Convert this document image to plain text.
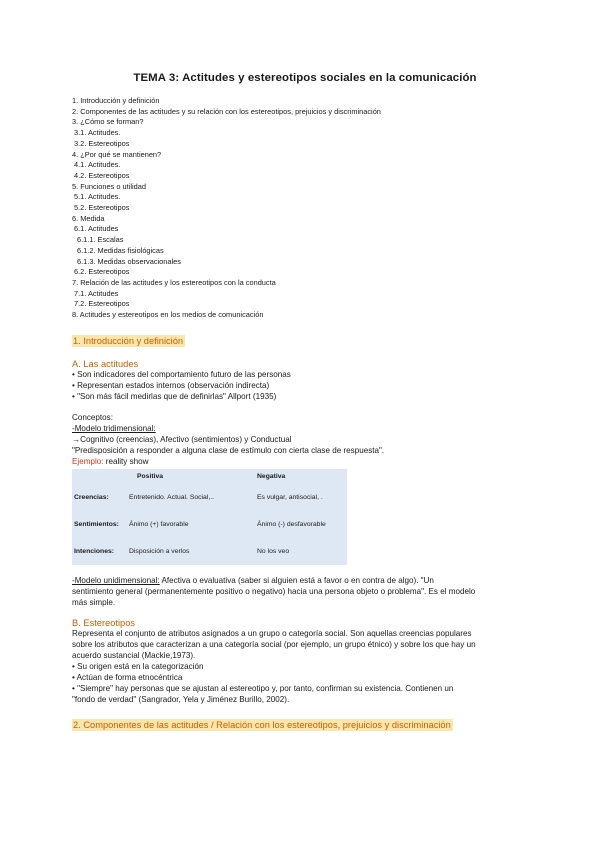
TEMA 3: Actitudes y estereotipos sociales en la comunicación
1. Introducción y definición
2. Componentes de las actitudes y su relación con los estereotipos, prejuicios y discriminación
3. ¿Cómo se forman?
3.1. Actitudes.
3.2. Estereotipos
4. ¿Por qué se mantienen?
4.1. Actitudes.
4.2. Estereotipos
5. Funciones o utilidad
5.1. Actitudes.
5.2. Estereotipos
6. Medida
6.1. Actitudes
6.1.1. Escalas
6.1.2. Medidas fisiológicas
6.1.3. Medidas observacionales
6.2. Estereotipos
7. Relación de las actitudes y los estereotipos con la conducta
7.1. Actitudes
7.2. Estereotipos
8. Actitudes y estereotipos en los medios de comunicación
1. Introducción y definición
A. Las actitudes
• Son indicadores del comportamiento futuro de las personas
• Representan estados internos (observación indirecta)
• "Son más fácil medirlas que de definirlas" Allport (1935)
Conceptos:
-Modelo tridimensional:
→Cognitivo (creencias), Afectivo (sentimientos) y Conductual
"Predisposición a responder a alguna clase de estímulo con cierta clase de respuesta".
Ejemplo: reality show
	Positiva	Negativa
Creencias:	Entretenido. Actual. Social,..	Es vulgar, antisocial, .
Sentimientos:	Ánimo (+) favorable	Ánimo (-) desfavorable
Intenciones:	Disposición a verlos	No los veo
-Modelo unidimensional: Afectiva o evaluativa (saber si alguien está a favor o en contra de algo). "Un
sentimiento general (permanentemente positivo o negativo) hacia una persona objeto o problema". Es el modelo
más simple.
B. Estereotipos
Representa el conjunto de atributos asignados a un grupo o categoría social. Son aquellas creencias populares
sobre los atributos que caracterizan a una categoría social (por ejemplo, un grupo étnico) y sobre los que hay un
acuerdo sustancial (Mackie,1973).
• Su origen está en la categorización
• Actúan de forma etnocéntrica
• "Siempre" hay personas que se ajustan al estereotipo y, por tanto, confirman su existencia. Contienen un
"fondo de verdad" (Sangrador, Yela y Jiménez Burillo, 2002).
2. Componentes de las actitudes / Relación con los estereotipos, prejuicios y discriminación
